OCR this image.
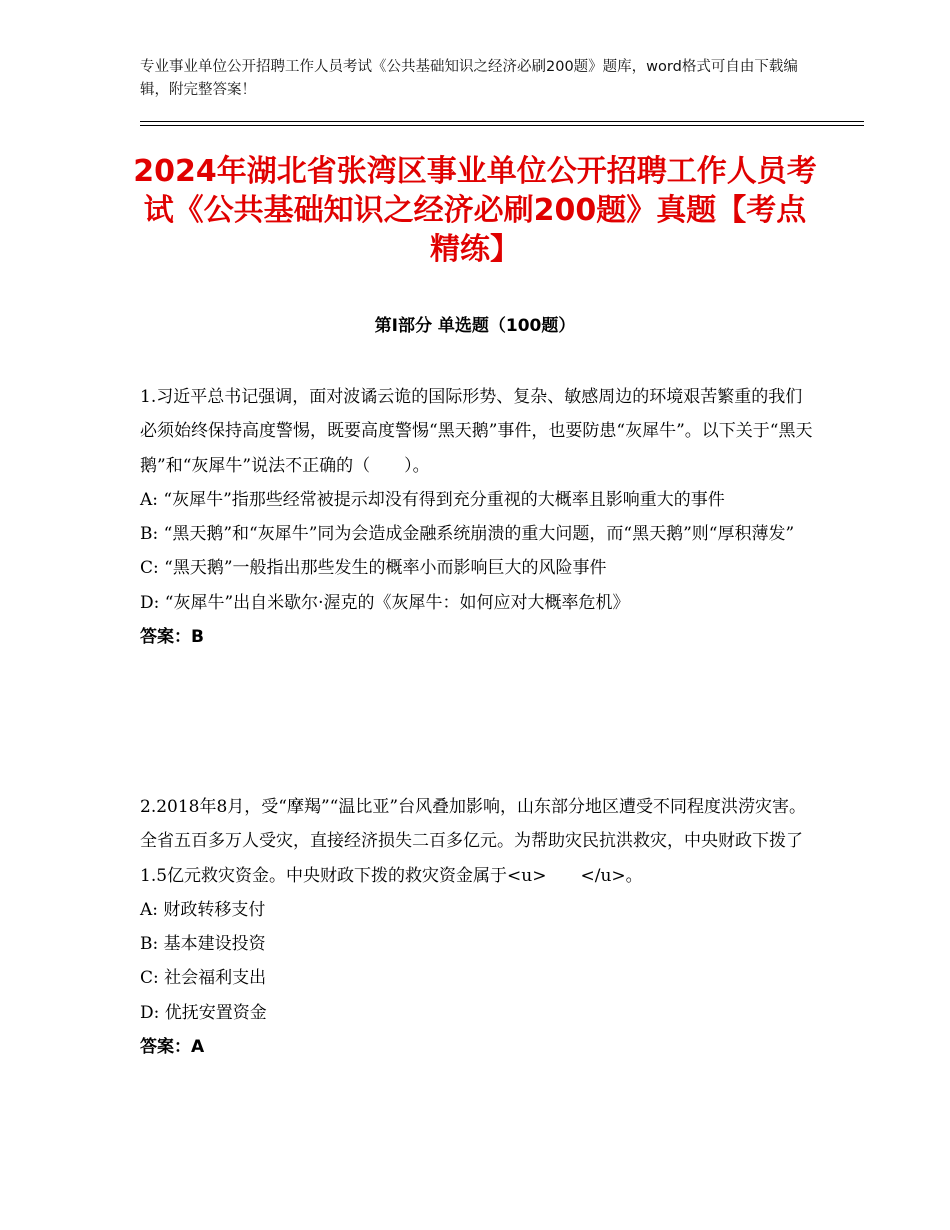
专业事业单位公开招聘工作人员考试《公共基础知识之经济必刷200题》题库，word格式可自由下载编辑，附完整答案！
2024年湖北省张湾区事业单位公开招聘工作人员考试《公共基础知识之经济必刷200题》真题【考点精练】
第Ⅰ部分 单选题（100题）

1.习近平总书记强调，面对波谲云诡的国际形势、复杂、敏感周边的环境艰苦繁重的我们必须始终保持高度警惕，既要高度警惕“黑天鹅”事件，也要防患“灰犀牛”。以下关于“黑天鹅”和“灰犀牛”说法不正确的（　　）。

A: “灰犀牛”指那些经常被提示却没有得到充分重视的大概率且影响重大的事件

B: “黑天鹅”和“灰犀牛”同为会造成金融系统崩溃的重大问题，而“黑天鹅”则“厚积薄发”

C: “黑天鹅”一般指出那些发生的概率小而影响巨大的风险事件

D: “灰犀牛”出自米歇尔·渥克的《灰犀牛：如何应对大概率危机》

答案：B

2.2018年8月，受“摩羯”“温比亚”台风叠加影响，山东部分地区遭受不同程度洪涝灾害。全省五百多万人受灾，直接经济损失二百多亿元。为帮助灾民抗洪救灾，中央财政下拨了1.5亿元救灾资金。中央财政下拨的救灾资金属于<u>　　</u>。

A: 财政转移支付

B: 基本建设投资

C: 社会福利支出

D: 优抚安置资金

答案：A
